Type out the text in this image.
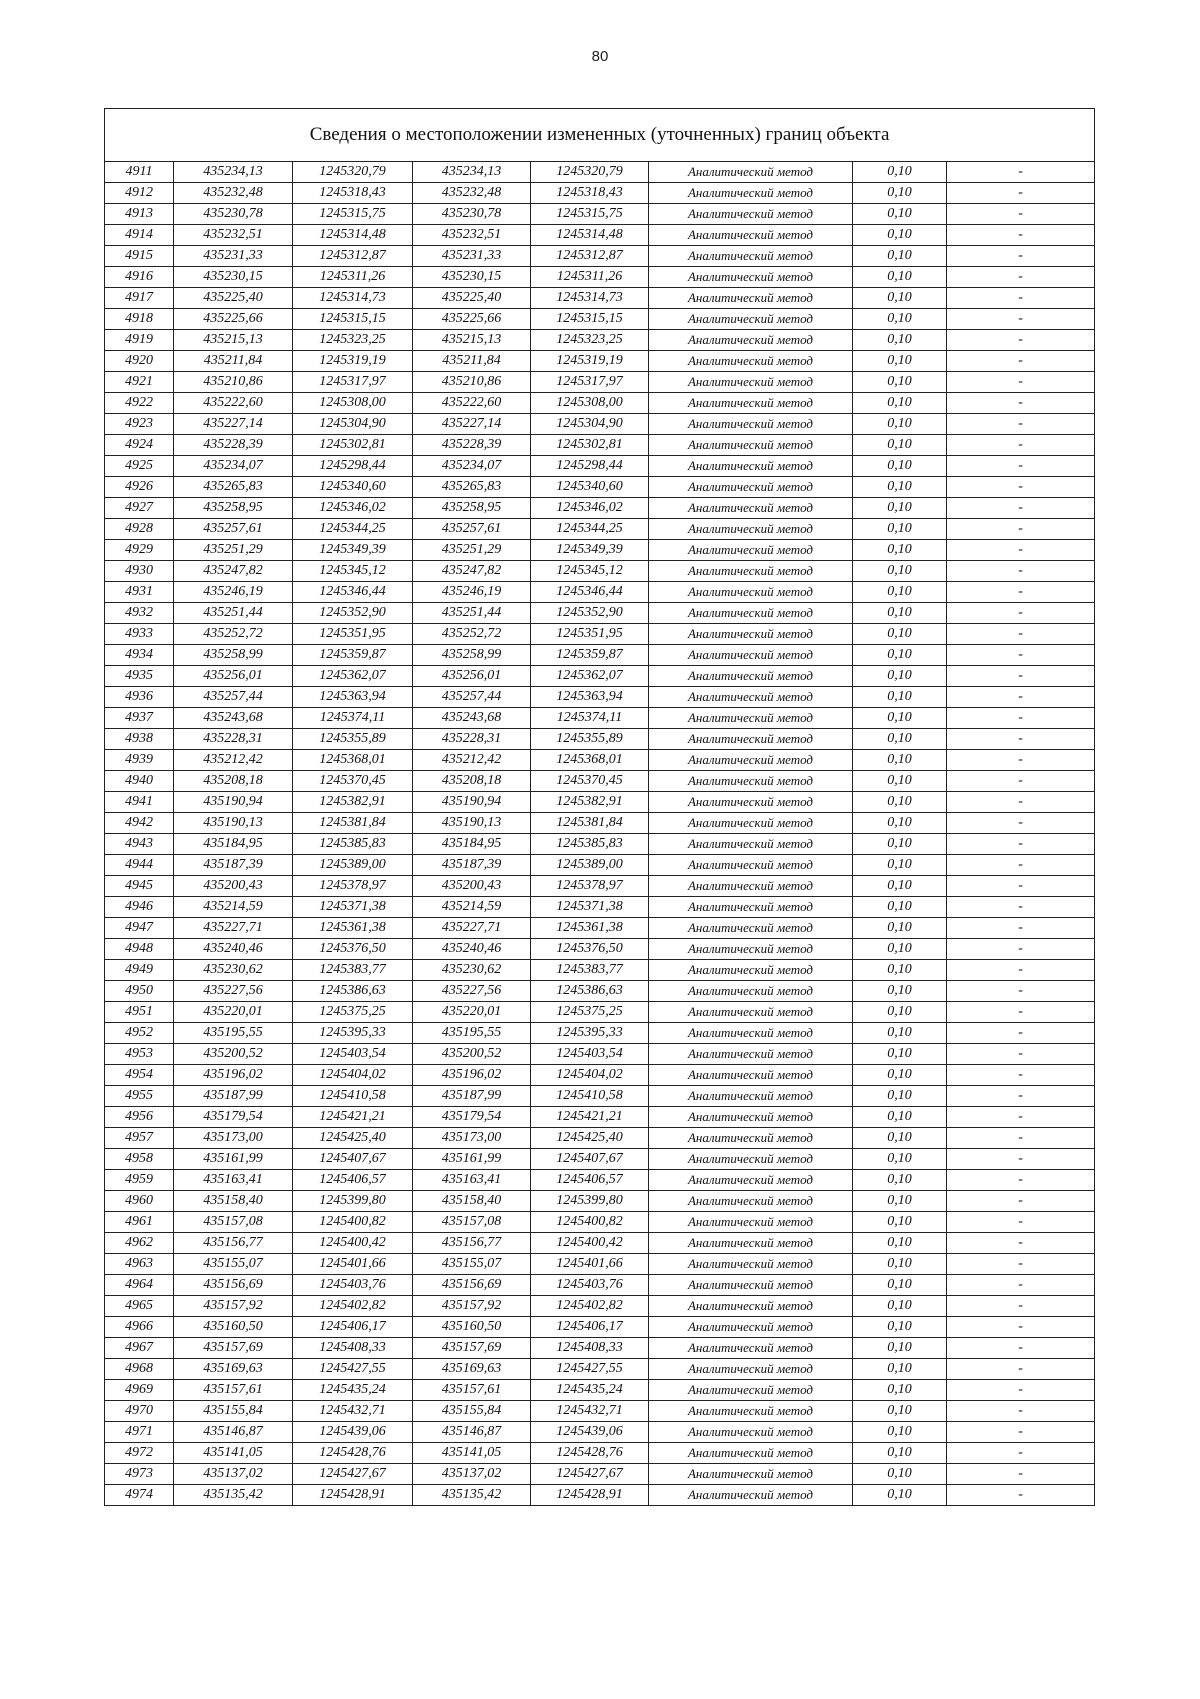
80
Сведения о местоположении измененных (уточненных) границ объекта							
4911	435234,13	1245320,79	435234,13	1245320,79	Аналитический метод	0,10	-
4912	435232,48	1245318,43	435232,48	1245318,43	Аналитический метод	0,10	-
4913	435230,78	1245315,75	435230,78	1245315,75	Аналитический метод	0,10	-
4914	435232,51	1245314,48	435232,51	1245314,48	Аналитический метод	0,10	-
4915	435231,33	1245312,87	435231,33	1245312,87	Аналитический метод	0,10	-
4916	435230,15	1245311,26	435230,15	1245311,26	Аналитический метод	0,10	-
4917	435225,40	1245314,73	435225,40	1245314,73	Аналитический метод	0,10	-
4918	435225,66	1245315,15	435225,66	1245315,15	Аналитический метод	0,10	-
4919	435215,13	1245323,25	435215,13	1245323,25	Аналитический метод	0,10	-
4920	435211,84	1245319,19	435211,84	1245319,19	Аналитический метод	0,10	-
4921	435210,86	1245317,97	435210,86	1245317,97	Аналитический метод	0,10	-
4922	435222,60	1245308,00	435222,60	1245308,00	Аналитический метод	0,10	-
4923	435227,14	1245304,90	435227,14	1245304,90	Аналитический метод	0,10	-
4924	435228,39	1245302,81	435228,39	1245302,81	Аналитический метод	0,10	-
4925	435234,07	1245298,44	435234,07	1245298,44	Аналитический метод	0,10	-
4926	435265,83	1245340,60	435265,83	1245340,60	Аналитический метод	0,10	-
4927	435258,95	1245346,02	435258,95	1245346,02	Аналитический метод	0,10	-
4928	435257,61	1245344,25	435257,61	1245344,25	Аналитический метод	0,10	-
4929	435251,29	1245349,39	435251,29	1245349,39	Аналитический метод	0,10	-
4930	435247,82	1245345,12	435247,82	1245345,12	Аналитический метод	0,10	-
4931	435246,19	1245346,44	435246,19	1245346,44	Аналитический метод	0,10	-
4932	435251,44	1245352,90	435251,44	1245352,90	Аналитический метод	0,10	-
4933	435252,72	1245351,95	435252,72	1245351,95	Аналитический метод	0,10	-
4934	435258,99	1245359,87	435258,99	1245359,87	Аналитический метод	0,10	-
4935	435256,01	1245362,07	435256,01	1245362,07	Аналитический метод	0,10	-
4936	435257,44	1245363,94	435257,44	1245363,94	Аналитический метод	0,10	-
4937	435243,68	1245374,11	435243,68	1245374,11	Аналитический метод	0,10	-
4938	435228,31	1245355,89	435228,31	1245355,89	Аналитический метод	0,10	-
4939	435212,42	1245368,01	435212,42	1245368,01	Аналитический метод	0,10	-
4940	435208,18	1245370,45	435208,18	1245370,45	Аналитический метод	0,10	-
4941	435190,94	1245382,91	435190,94	1245382,91	Аналитический метод	0,10	-
4942	435190,13	1245381,84	435190,13	1245381,84	Аналитический метод	0,10	-
4943	435184,95	1245385,83	435184,95	1245385,83	Аналитический метод	0,10	-
4944	435187,39	1245389,00	435187,39	1245389,00	Аналитический метод	0,10	-
4945	435200,43	1245378,97	435200,43	1245378,97	Аналитический метод	0,10	-
4946	435214,59	1245371,38	435214,59	1245371,38	Аналитический метод	0,10	-
4947	435227,71	1245361,38	435227,71	1245361,38	Аналитический метод	0,10	-
4948	435240,46	1245376,50	435240,46	1245376,50	Аналитический метод	0,10	-
4949	435230,62	1245383,77	435230,62	1245383,77	Аналитический метод	0,10	-
4950	435227,56	1245386,63	435227,56	1245386,63	Аналитический метод	0,10	-
4951	435220,01	1245375,25	435220,01	1245375,25	Аналитический метод	0,10	-
4952	435195,55	1245395,33	435195,55	1245395,33	Аналитический метод	0,10	-
4953	435200,52	1245403,54	435200,52	1245403,54	Аналитический метод	0,10	-
4954	435196,02	1245404,02	435196,02	1245404,02	Аналитический метод	0,10	-
4955	435187,99	1245410,58	435187,99	1245410,58	Аналитический метод	0,10	-
4956	435179,54	1245421,21	435179,54	1245421,21	Аналитический метод	0,10	-
4957	435173,00	1245425,40	435173,00	1245425,40	Аналитический метод	0,10	-
4958	435161,99	1245407,67	435161,99	1245407,67	Аналитический метод	0,10	-
4959	435163,41	1245406,57	435163,41	1245406,57	Аналитический метод	0,10	-
4960	435158,40	1245399,80	435158,40	1245399,80	Аналитический метод	0,10	-
4961	435157,08	1245400,82	435157,08	1245400,82	Аналитический метод	0,10	-
4962	435156,77	1245400,42	435156,77	1245400,42	Аналитический метод	0,10	-
4963	435155,07	1245401,66	435155,07	1245401,66	Аналитический метод	0,10	-
4964	435156,69	1245403,76	435156,69	1245403,76	Аналитический метод	0,10	-
4965	435157,92	1245402,82	435157,92	1245402,82	Аналитический метод	0,10	-
4966	435160,50	1245406,17	435160,50	1245406,17	Аналитический метод	0,10	-
4967	435157,69	1245408,33	435157,69	1245408,33	Аналитический метод	0,10	-
4968	435169,63	1245427,55	435169,63	1245427,55	Аналитический метод	0,10	-
4969	435157,61	1245435,24	435157,61	1245435,24	Аналитический метод	0,10	-
4970	435155,84	1245432,71	435155,84	1245432,71	Аналитический метод	0,10	-
4971	435146,87	1245439,06	435146,87	1245439,06	Аналитический метод	0,10	-
4972	435141,05	1245428,76	435141,05	1245428,76	Аналитический метод	0,10	-
4973	435137,02	1245427,67	435137,02	1245427,67	Аналитический метод	0,10	-
4974	435135,42	1245428,91	435135,42	1245428,91	Аналитический метод	0,10	-
